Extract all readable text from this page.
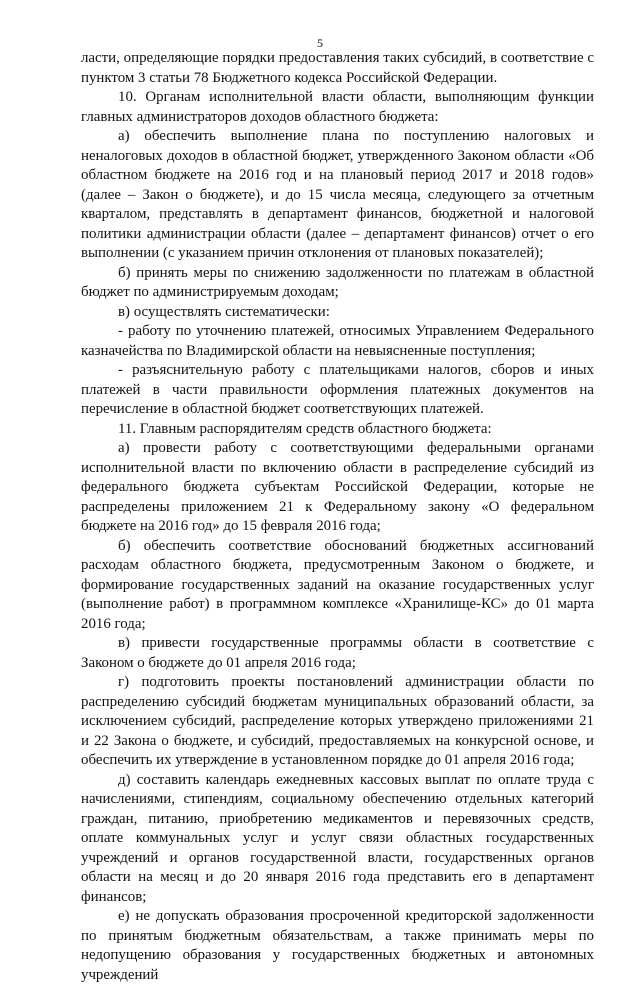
5

ласти, определяющие порядки предоставления таких субсидий, в соответствие с пунктом 3 статьи 78 Бюджетного кодекса Российской Федерации.

10. Органам исполнительной власти области, выполняющим функции главных администраторов доходов областного бюджета:

а) обеспечить выполнение плана по поступлению налоговых и неналоговых доходов в областной бюджет, утвержденного Законом области «Об областном бюджете на 2016 год и на плановый период 2017 и 2018 годов» (далее – Закон о бюджете), и до 15 числа месяца, следующего за отчетным кварталом, представлять в департамент финансов, бюджетной и налоговой политики администрации области (далее – департамент финансов) отчет о его выполнении (с указанием причин отклонения от плановых показателей);

б) принять меры по снижению задолженности по платежам в областной бюджет по администрируемым доходам;

в) осуществлять систематически:

- работу по уточнению платежей, относимых Управлением Федерального казначейства по Владимирской области на невыясненные поступления;

- разъяснительную работу с плательщиками налогов, сборов и иных платежей в части правильности оформления платежных документов на перечисление в областной бюджет соответствующих платежей.

11. Главным распорядителям средств областного бюджета:

а) провести работу с соответствующими федеральными органами исполнительной власти по включению области в распределение субсидий из федерального бюджета субъектам Российской Федерации, которые не распределены приложением 21 к Федеральному закону «О федеральном бюджете на 2016 год» до 15 февраля 2016 года;

б) обеспечить соответствие обоснований бюджетных ассигнований расходам областного бюджета, предусмотренным Законом о бюджете, и формирование государственных заданий на оказание государственных услуг (выполнение работ) в программном комплексе «Хранилище-КС» до 01 марта 2016 года;

в) привести государственные программы области в соответствие с Законом о бюджете до 01 апреля 2016 года;

г) подготовить проекты постановлений администрации области по распределению субсидий бюджетам муниципальных образований области, за исключением субсидий, распределение которых утверждено приложениями 21 и 22 Закона о бюджете, и субсидий, предоставляемых на конкурсной основе, и обеспечить их утверждение в установленном порядке до 01 апреля 2016 года;

д) составить календарь ежедневных кассовых выплат по оплате труда с начислениями, стипендиям, социальному обеспечению отдельных категорий граждан, питанию, приобретению медикаментов и перевязочных средств, оплате коммунальных услуг и услуг связи областных государственных учреждений и органов государственной власти, государственных органов области на месяц и до 20 января 2016 года представить его в департамент финансов;

е) не допускать образования просроченной кредиторской задолженности по принятым бюджетным обязательствам, а также принимать меры по недопущению образования у государственных бюджетных и автономных учреждений
